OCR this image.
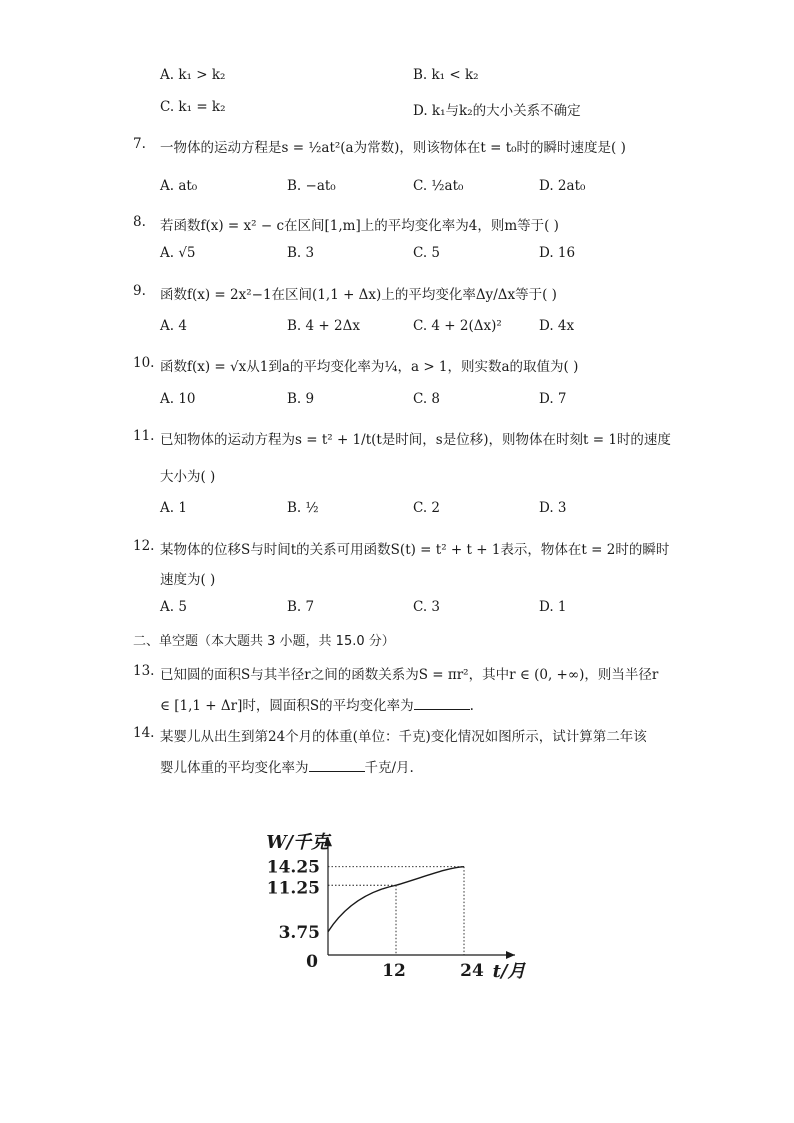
A. k₁ > k₂	B. k₁ < k₂
C. k₁ = k₂	D. k₁与k₂的大小关系不确定
7. 一物体的运动方程是s = ½at²(a为常数)，则该物体在t = t₀时的瞬时速度是( )
A. at₀	B. −at₀	C. ½at₀	D. 2at₀
8. 若函数f(x) = x² − c在区间[1,m]上的平均变化率为4，则m等于( )
A. √5	B. 3	C. 5	D. 16
9. 函数f(x) = 2x²−1在区间(1,1 + Δx)上的平均变化率Δy/Δx等于( )
A. 4	B. 4 + 2Δx	C. 4 + 2(Δx)²	D. 4x
10. 函数f(x) = √x从1到a的平均变化率为¼，a > 1，则实数a的取值为( )
A. 10	B. 9	C. 8	D. 7
11. 已知物体的运动方程为s = t² + 1/t(t是时间，s是位移)，则物体在时刻t = 1时的速度
大小为( )
A. 1	B. ½	C. 2	D. 3
12. 某物体的位移S与时间t的关系可用函数S(t) = t² + t + 1表示，物体在t = 2时的瞬时
速度为( )
A. 5	B. 7	C. 3	D. 1
二、单空题（本大题共 3 小题，共 15.0 分）
13. 已知圆的面积S与其半径r之间的函数关系为S = πr²，其中r ∈ (0, +∞)，则当半径r
∈ [1,1 + Δr]时，圆面积S的平均变化率为	.
14. 某婴儿从出生到第24个月的体重(单位：千克)变化情况如图所示，试计算第二年该
婴儿体重的平均变化率为	千克/月.
14.25
11.25
3.75
0	12	24
W/千克
t/月
